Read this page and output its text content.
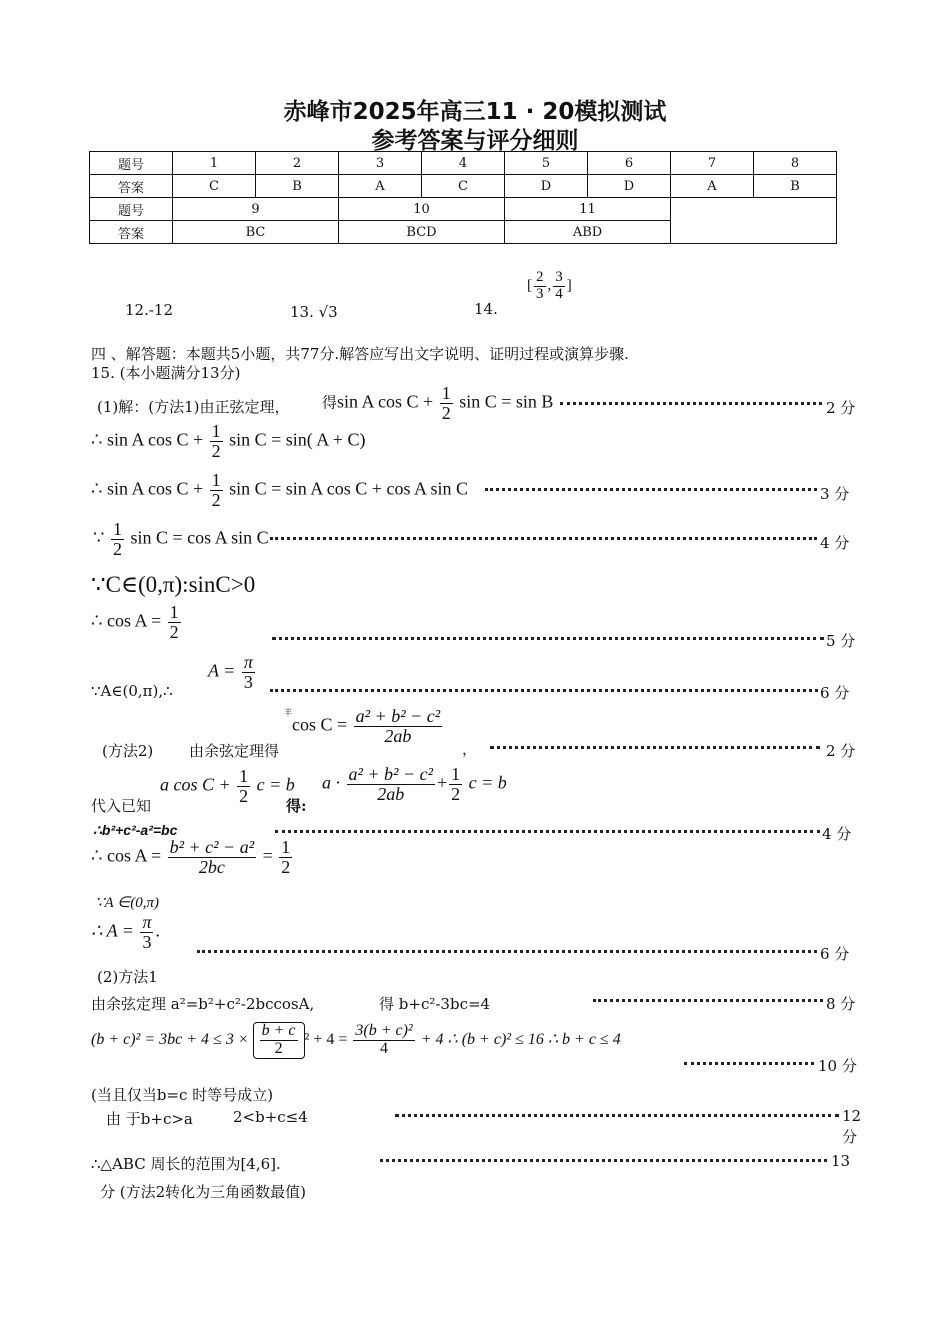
赤峰市2025年高三11 · 20模拟测试
参考答案与评分细则
题号	1	2	3	4	5	6	7	8
答案	C	B	A	C	D	D	A	B
题号	9		10		11			
答案	BC		BCD		ABD			
12.-12	13. √3	14.
[ $\frac{2}{3}$ , $\frac{3}{4}$ ]
四 、解答题：本题共5小题，共77分.解答应写出文字说明、证明过程或演算步骤.
15. (本小题满分13分)
(1)解：(方法1)由正弦定理， 得sin A $\cos C + \frac{1}{2}$ sin C = sin B	2 分
∴ sin A $\cos C + \frac{1}{2}$ sin C = sin( A + C)
∴ sin A $\cos C + \frac{1}{2}$ sin C = sin A cos C + cos A sin C	3 分
∵ $\frac{1}{2}$ sin C = cos A sin C	4 分
∵C∈(0,π):sinC>0
∴ $\cos A = \frac{1}{2}$	5 分
∵A∈(0,π),∴
$A = \frac{\pi}{3}$
6 分
(方法2) 由余弦定理得
$^丰$cos $C = \frac{\text{a² + b² − c²}}{2ab}$
，	2 分
代入已知
a $\cos C + \frac{1}{2}$ c = b
得:
$a \cdot \frac{\text{a² + b² − c²}}{2ab} + \frac{1}{2}$ c = b
∴b²+c²-a²=bc	4 分
∴ $\cos A = \frac{\text{b² + c² − a²}}{2bc} = \frac{1}{2}$
∵A ∈(0,π)
∴ $A = \frac{\pi}{3}$ .
6 分
(2)方法1
由余弦定理 a²=b²+c²-2bccosA,	得 b+c²-3bc=4	8 分
$(b + c)^2 = 3bc + 4 \le 3 \times \frac{b + c}{2} ^2 + 4 = \frac{\text{3(b + c)²}}{4} + 4$ ∴ (b + c)² ≤ 16 ∴ b + c ≤ 4
10 分
(当且仅当b=c 时等号成立)
由 于b+c>a	2<b+c≤4	12
分
∴△ABC 周长的范围为[4,6].	13
分 (方法2转化为三角函数最值)
